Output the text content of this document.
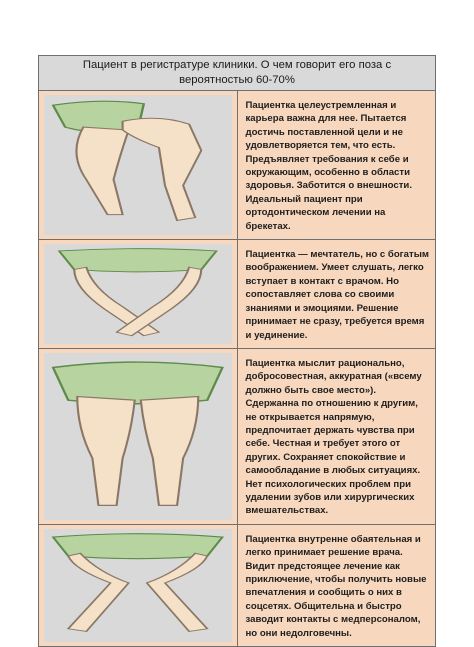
Пациент в регистратуре клиники. О чем говорит его поза с вероятностью 60-70%	

	Пациентка целеустремленная и карьера важна для нее. Пытается достичь поставленной цели и не удовлетворяется тем, что есть. Предъявляет требования к себе и окружающим, особенно в области здоровья. Заботится о внешности. Идеальный пациент при ортодонтическом лечении на брекетах.

	Пациентка — мечтатель, но с богатым воображением. Умеет слушать, легко вступает в контакт с врачом. Но сопоставляет слова со своими знаниями и эмоциями. Решение принимает не сразу, требуется время и уединение.

	Пациентка мыслит рационально, добросовестная, аккуратная («всему должно быть свое место»). Сдержанна по отношению к другим, не открывается напрямую, предпочитает держать чувства при себе. Честная и требует этого от других. Сохраняет спокойствие и самообладание в любых ситуациях. Нет психологических проблем при удалении зубов или хирургических вмешательствах.

	Пациентка внутренне обаятельная и легко принимает решение врача. Видит предстоящее лечение как приключение, чтобы получить новые впечатления и сообщить о них в соцсетях. Общительна и быстро заводит контакты с медперсоналом, но они недолговечны.
